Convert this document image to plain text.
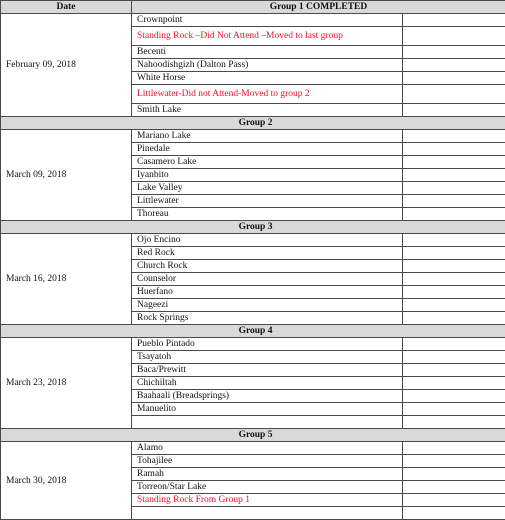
Date	Group 1 COMPLETED	
February 09, 2018	Crownpoint	
	Standing Rock –Did Not Attend –Moved to last group	
	Becenti	
	Nahoodishgizh (Dalton Pass)	
	White Horse	
	Littlewater-Did not Attend-Moved to group 2	
	Smith Lake	
Group 2		
March 09, 2018	Mariano Lake	
	Pinedale	
	Casamero Lake	
	Iyanbito	
	Lake Valley	
	Littlewater	
	Thoreau	
Group 3		
March 16, 2018	Ojo Encino	
	Red Rock	
	Church Rock	
	Counselor	
	Huerfano	
	Nageezi	
	Rock Springs	
Group 4		
March 23, 2018	Pueblo Pintado	
	Tsayatoh	
	Baca/Prewitt	
	Chichiltah	
	Baahaali (Breadsprings)	
	Manuelito	

Group 5		
March 30, 2018	Alamo	
	Tohajilee	
	Ramah	
	Torreon/Star Lake	
	Standing Rock From Group 1	
